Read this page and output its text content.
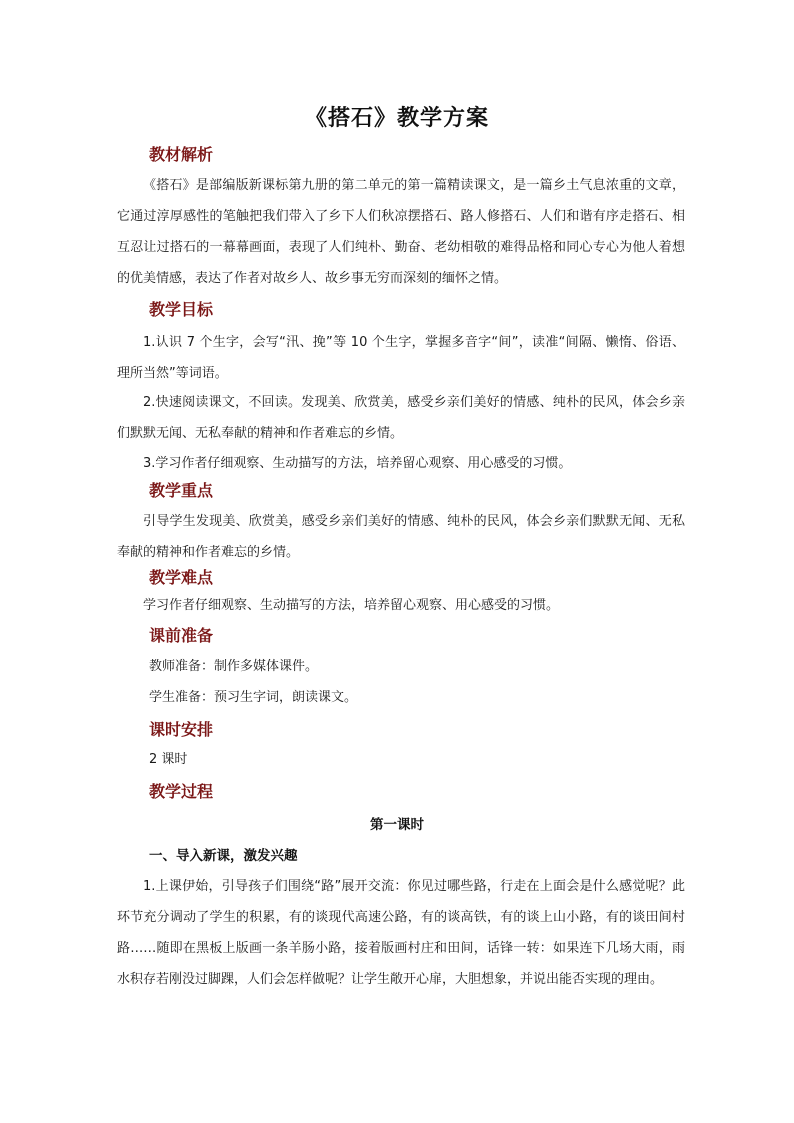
《搭石》教学方案
教材解析

《搭石》是部编版新课标第九册的第二单元的第一篇精读课文，是一篇乡土气息浓重的文章，它通过淳厚感性的笔触把我们带入了乡下人们秋凉摆搭石、路人修搭石、人们和谐有序走搭石、相互忍让过搭石的一幕幕画面，表现了人们纯朴、勤奋、老幼相敬的难得品格和同心专心为他人着想的优美情感，表达了作者对故乡人、故乡事无穷而深刻的缅怀之情。

教学目标

1.认识 7 个生字，会写“汛、挽”等 10 个生字，掌握多音字“间”，读准“间隔、懒惰、俗语、理所当然”等词语。

2.快速阅读课文，不回读。发现美、欣赏美，感受乡亲们美好的情感、纯朴的民风，体会乡亲们默默无闻、无私奉献的精神和作者难忘的乡情。

3.学习作者仔细观察、生动描写的方法，培养留心观察、用心感受的习惯。

教学重点

引导学生发现美、欣赏美，感受乡亲们美好的情感、纯朴的民风，体会乡亲们默默无闻、无私奉献的精神和作者难忘的乡情。

教学难点

学习作者仔细观察、生动描写的方法，培养留心观察、用心感受的习惯。

课前准备
教师准备：制作多媒体课件。
学生准备：预习生字词，朗读课文。
课时安排
2 课时
教学过程
第一课时
一、导入新课，激发兴趣

1.上课伊始，引导孩子们围绕“路”展开交流：你见过哪些路，行走在上面会是什么感觉呢？此环节充分调动了学生的积累，有的谈现代高速公路，有的谈高铁，有的谈上山小路，有的谈田间村路……随即在黑板上版画一条羊肠小路，接着版画村庄和田间，话锋一转：如果连下几场大雨，雨水积存若刚没过脚踝，人们会怎样做呢？让学生敞开心扉，大胆想象，并说出能否实现的理由。
